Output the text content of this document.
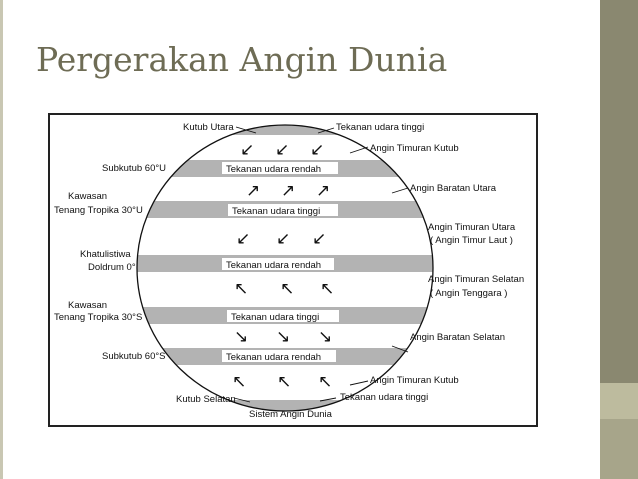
Pergerakan Angin Dunia
Tekanan udara rendah
Tekanan udara tinggi
Tekanan udara rendah
Tekanan udara tinggi
Tekanan udara rendah
↙ ↙ ↙
↗ ↗ ↗
↙ ↙ ↙
↖ ↖ ↖
↘ ↘ ↘
↖ ↖ ↖
Kutub Utara
Subkutub 60°U
Kawasan
Tenang Tropika 30°U
Khatulistiwa
Doldrum 0°
Kawasan
Tenang Tropika 30°S
Subkutub 60°S
Kutub Selatan
Tekanan udara tinggi
Angin Timuran Kutub
Angin Baratan Utara
Angin Timuran Utara
( Angin Timur Laut )
Angin Timuran Selatan
( Angin Tenggara )
Angin Baratan Selatan
Angin Timuran Kutub
Tekanan udara tinggi
Sistem Angin Dunia
